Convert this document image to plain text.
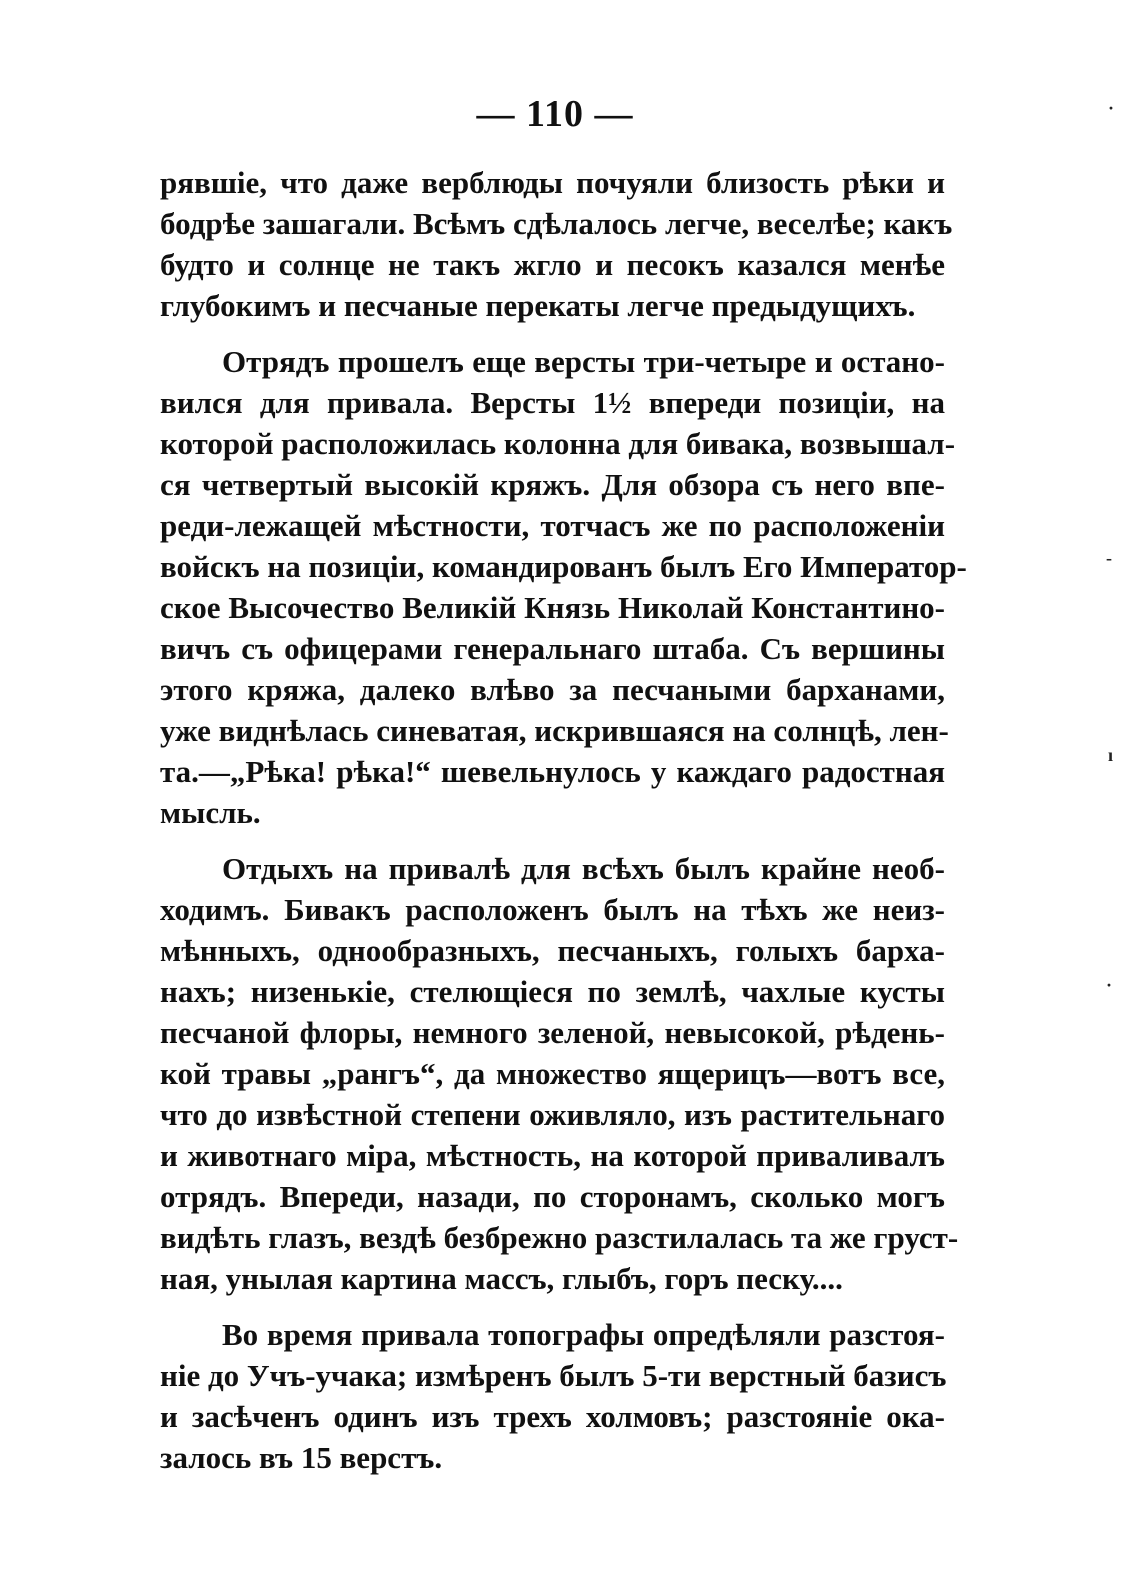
— 110 —
рявшіе, что даже верблюды почуяли близость рѣки и
бодрѣе зашагали. Всѣмъ сдѣлалось легче, веселѣе; какъ
будто и солнце не такъ жгло и песокъ казался менѣе
глубокимъ и песчаные перекаты легче предыдущихъ.
Отрядъ прошелъ еще версты три-четыре и остано-
вился для привала. Версты 1½ впереди позиціи, на
которой расположилась колонна для бивака, возвышал-
ся четвертый высокій кряжъ. Для обзора съ него впе-
реди-лежащей мѣстности, тотчасъ же по расположеніи
войскъ на позиціи, командированъ былъ Его Император-
ское Высочество Великій Князь Николай Константино-
вичъ съ офицерами генеральнаго штаба. Съ вершины
этого кряжа, далеко влѣво за песчаными барханами,
уже виднѣлась синеватая, искрившаяся на солнцѣ, лен-
та.—„Рѣка! рѣка!“ шевельнулось у каждаго радостная
мысль.
Отдыхъ на привалѣ для всѣхъ былъ крайне необ-
ходимъ. Бивакъ расположенъ былъ на тѣхъ же неиз-
мѣнныхъ, однообразныхъ, песчаныхъ, голыхъ барха-
нахъ; низенькіе, стелющіеся по землѣ, чахлые кусты
песчаной флоры, немного зеленой, невысокой, рѣдень-
кой травы „рангъ“, да множество ящерицъ—вотъ все,
что до извѣстной степени оживляло, изъ растительнаго
и животнаго міра, мѣстность, на которой приваливалъ
отрядъ. Впереди, назади, по сторонамъ, сколько могъ
видѣть глазъ, вездѣ безбрежно разстилалась та же груст-
ная, унылая картина массъ, глыбъ, горъ песку....
Во время привала топографы опредѣляли разстоя-
ніе до Учъ-учака; измѣренъ былъ 5-ти верстный базисъ
и засѣченъ одинъ изъ трехъ холмовъ; разстояніе ока-
залось въ 15 верстъ.
·
‑
ı
·
